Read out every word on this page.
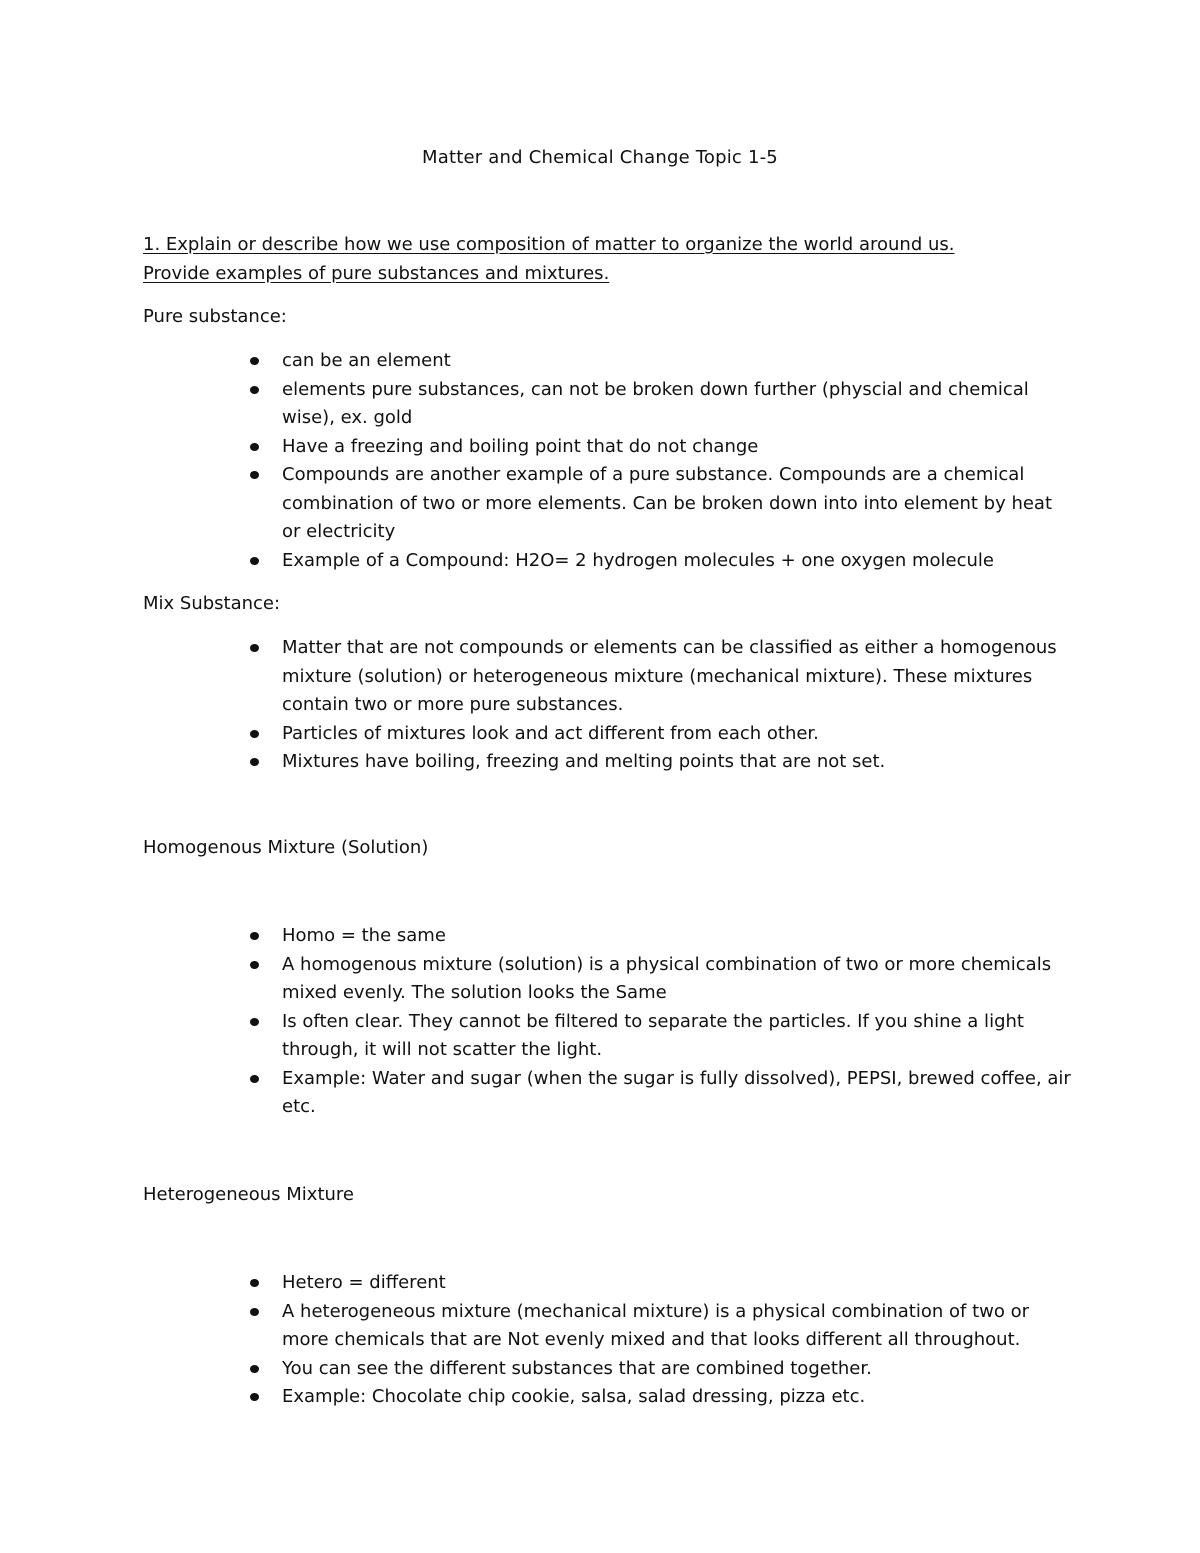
Matter and Chemical Change Topic 1-5
1. Explain or describe how we use composition of matter to organize the world around us. Provide examples of pure substances and mixtures.
Pure substance:
can be an element
elements pure substances, can not be broken down further (physcial and chemical wise), ex. gold
Have a freezing and boiling point that do not change
Compounds are another example of a pure substance. Compounds are a chemical combination of two or more elements. Can be broken down into into element by heat or electricity
Example of a Compound: H2O= 2 hydrogen molecules + one oxygen molecule
Mix Substance:
Matter that are not compounds or elements can be classified as either a homogenous mixture (solution) or heterogeneous mixture (mechanical mixture). These mixtures contain two or more pure substances.
Particles of mixtures look and act different from each other.
Mixtures have boiling, freezing and melting points that are not set.
Homogenous Mixture (Solution)
Homo = the same
A homogenous mixture (solution) is a physical combination of two or more chemicals mixed evenly. The solution looks the Same
Is often clear. They cannot be filtered to separate the particles. If you shine a light through, it will not scatter the light.
Example: Water and sugar (when the sugar is fully dissolved), PEPSI, brewed coffee, air etc.
Heterogeneous Mixture
Hetero = different
A heterogeneous mixture (mechanical mixture) is a physical combination of two or more chemicals that are Not evenly mixed and that looks different all throughout.
You can see the different substances that are combined together.
Example: Chocolate chip cookie, salsa, salad dressing, pizza etc.
